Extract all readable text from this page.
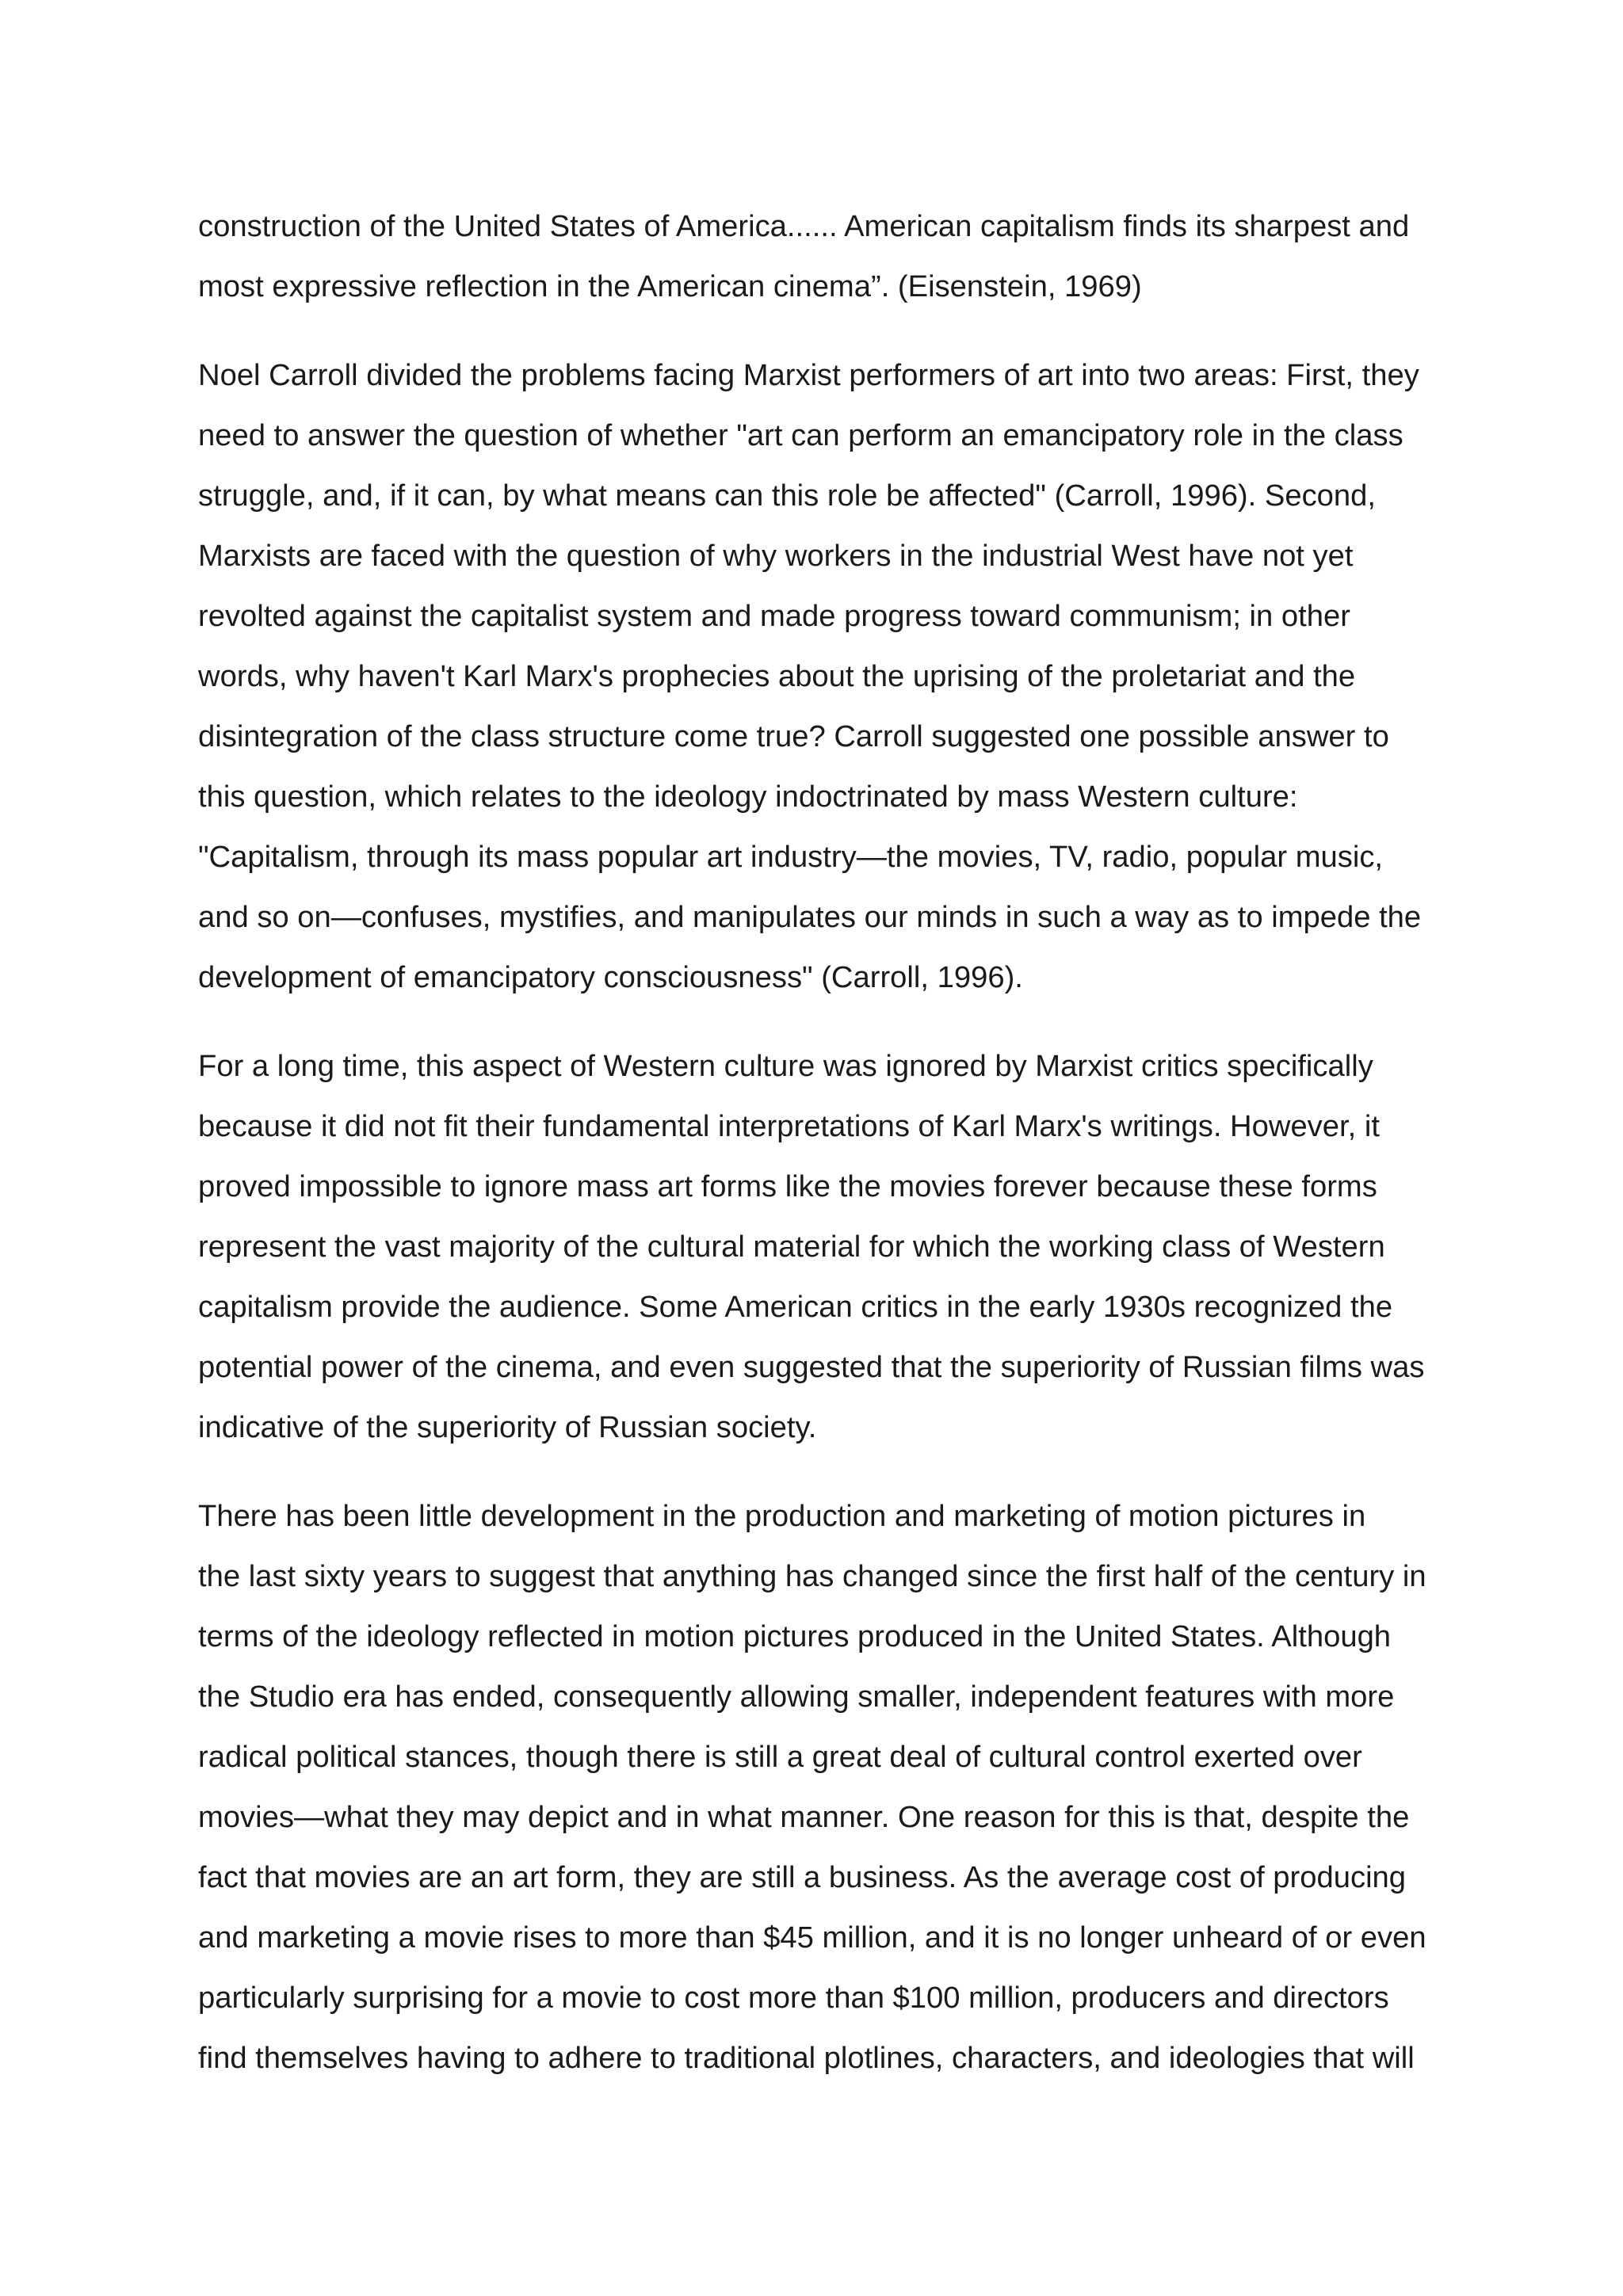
construction of the United States of America...... American capitalism finds its sharpest and
most expressive reflection in the American cinema”. (Eisenstein, 1969)

Noel Carroll divided the problems facing Marxist performers of art into two areas: First, they
need to answer the question of whether "art can perform an emancipatory role in the class
struggle, and, if it can, by what means can this role be affected" (Carroll, 1996). Second,
Marxists are faced with the question of why workers in the industrial West have not yet
revolted against the capitalist system and made progress toward communism; in other
words, why haven't Karl Marx's prophecies about the uprising of the proletariat and the
disintegration of the class structure come true? Carroll suggested one possible answer to
this question, which relates to the ideology indoctrinated by mass Western culture:
"Capitalism, through its mass popular art industry—the movies, TV, radio, popular music,
and so on—confuses, mystifies, and manipulates our minds in such a way as to impede the
development of emancipatory consciousness" (Carroll, 1996).

For a long time, this aspect of Western culture was ignored by Marxist critics specifically
because it did not fit their fundamental interpretations of Karl Marx's writings. However, it
proved impossible to ignore mass art forms like the movies forever because these forms
represent the vast majority of the cultural material for which the working class of Western
capitalism provide the audience. Some American critics in the early 1930s recognized the
potential power of the cinema, and even suggested that the superiority of Russian films was
indicative of the superiority of Russian society.

There has been little development in the production and marketing of motion pictures in
the last sixty years to suggest that anything has changed since the first half of the century in
terms of the ideology reflected in motion pictures produced in the United States. Although
the Studio era has ended, consequently allowing smaller, independent features with more
radical political stances, though there is still a great deal of cultural control exerted over
movies—what they may depict and in what manner. One reason for this is that, despite the
fact that movies are an art form, they are still a business. As the average cost of producing
and marketing a movie rises to more than $45 million, and it is no longer unheard of or even
particularly surprising for a movie to cost more than $100 million, producers and directors
find themselves having to adhere to traditional plotlines, characters, and ideologies that will
